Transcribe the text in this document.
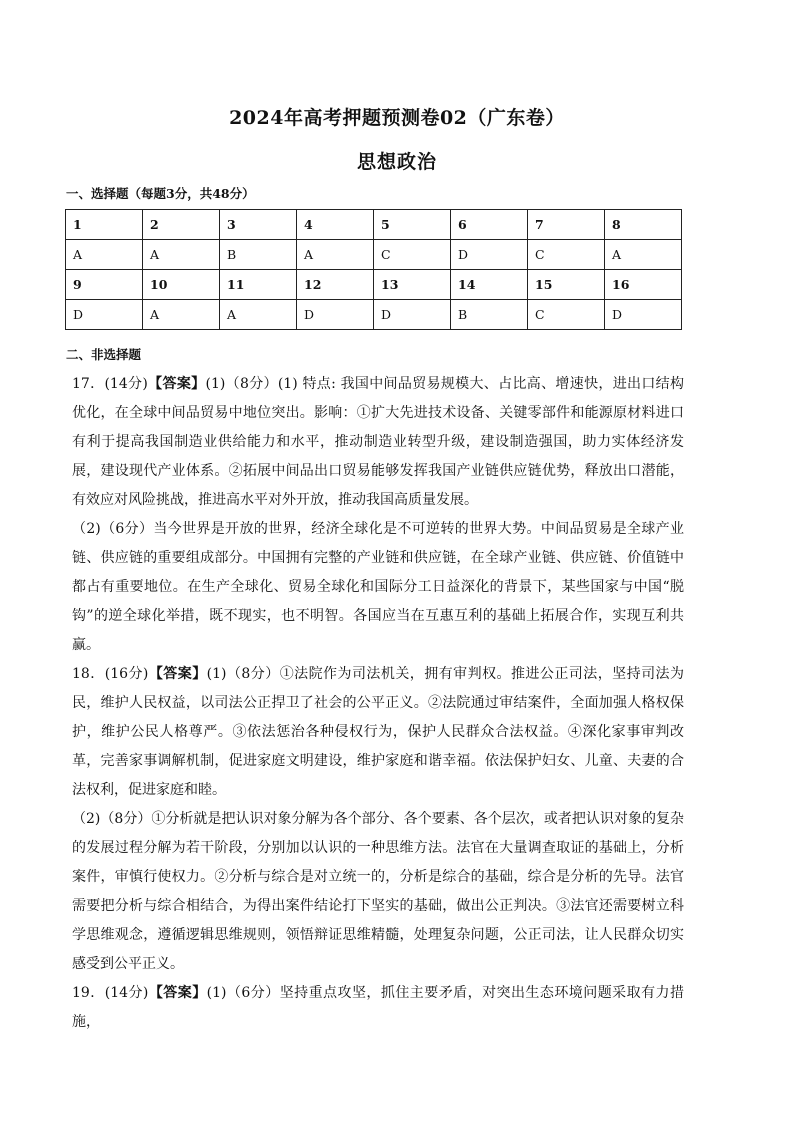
2024年高考押题预测卷02（广东卷）
思想政治
一、选择题（每题3分，共48分）
1	2	3	4	5	6	7	8
A	A	B	A	C	D	C	A
9	10	11	12	13	14	15	16
D	A	A	D	D	B	C	D
二、非选择题

17．(14分)【答案】(1)（8分）(1) 特点: 我国中间品贸易规模大、占比高、增速快，进出口结构优化，在全球中间品贸易中地位突出。影响：①扩大先进技术设备、关键零部件和能源原材料进口有利于提高我国制造业供给能力和水平，推动制造业转型升级，建设制造强国，助力实体经济发展，建设现代产业体系。②拓展中间品出口贸易能够发挥我国产业链供应链优势，释放出口潜能，有效应对风险挑战，推进高水平对外开放，推动我国高质量发展。

（2)（6分）当今世界是开放的世界，经济全球化是不可逆转的世界大势。中间品贸易是全球产业链、供应链的重要组成部分。中国拥有完整的产业链和供应链，在全球产业链、供应链、价值链中都占有重要地位。在生产全球化、贸易全球化和国际分工日益深化的背景下，某些国家与中国“脱钩”的逆全球化举措，既不现实，也不明智。各国应当在互惠互利的基础上拓展合作，实现互利共赢。

18．(16分)【答案】(1)（8分）①法院作为司法机关，拥有审判权。推进公正司法，坚持司法为民，维护人民权益，以司法公正捍卫了社会的公平正义。②法院通过审结案件，全面加强人格权保护，维护公民人格尊严。③依法惩治各种侵权行为，保护人民群众合法权益。④深化家事审判改革，完善家事调解机制，促进家庭文明建设，维护家庭和谐幸福。依法保护妇女、儿童、夫妻的合法权利，促进家庭和睦。

（2)（8分）①分析就是把认识对象分解为各个部分、各个要素、各个层次，或者把认识对象的复杂的发展过程分解为若干阶段，分别加以认识的一种思维方法。法官在大量调查取证的基础上，分析案件，审慎行使权力。②分析与综合是对立统一的，分析是综合的基础，综合是分析的先导。法官需要把分析与综合相结合，为得出案件结论打下坚实的基础，做出公正判决。③法官还需要树立科学思维观念，遵循逻辑思维规则，领悟辩证思维精髓，处理复杂问题，公正司法，让人民群众切实感受到公平正义。

19．(14分)【答案】(1)（6分）坚持重点攻坚，抓住主要矛盾，对突出生态环境问题采取有力措施，
